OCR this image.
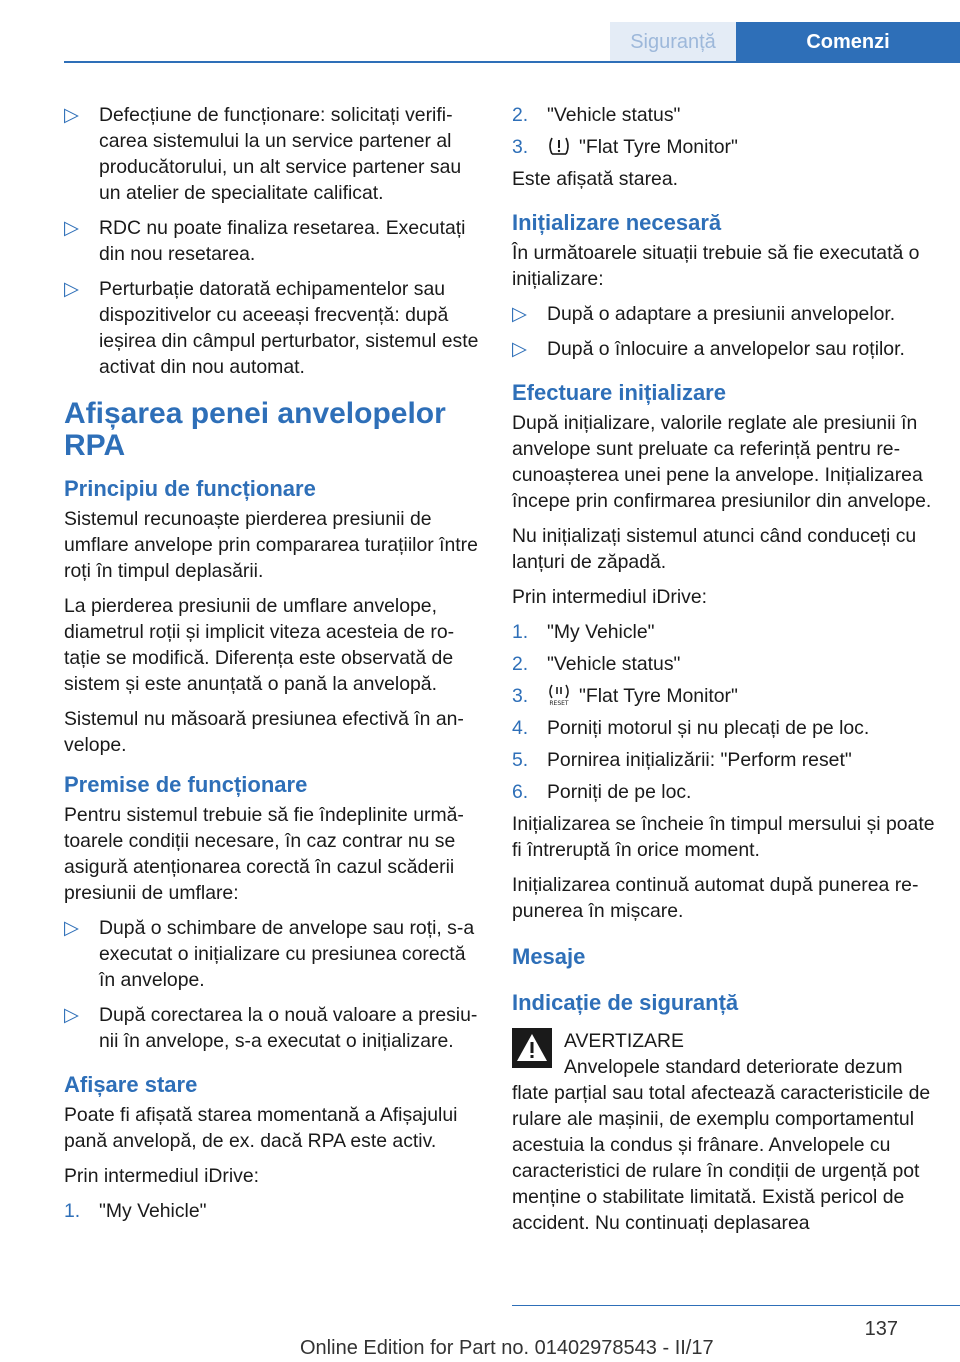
Siguranță	Comenzi
▷ Defecțiune de funcționare: solicitați verificarea sistemului la un service partener al producătorului, un alt service partener sau un atelier de specialitate calificat.
▷ RDC nu poate finaliza resetarea. Executați din nou resetarea.
▷ Perturbație datorată echipamentelor sau dispozitivelor cu aceeași frecvență: după ieșirea din câmpul perturbator, sistemul este activat din nou automat.
Afișarea penei anvelopelor RPA
Principiu de funcționare

Sistemul recunoaște pierderea presiunii de umflare anvelope prin compararea turațiilor între roți în timpul deplasării.

La pierderea presiunii de umflare anvelope, diametrul roții și implicit viteza acesteia de rotație se modifică. Diferența este observată de sistem și este anunțată o pană la anvelopă.

Sistemul nu măsoară presiunea efectivă în anvelope.

Premise de funcționare

Pentru sistemul trebuie să fie îndeplinite următoarele condiții necesare, în caz contrar nu se asigură atenționarea corectă în cazul scăderii presiunii de umflare:

▷ După o schimbare de anvelope sau roți, s-a executat o inițializare cu presiunea corectă în anvelope.
▷ După corectarea la o nouă valoare a presiunii în anvelope, s-a executat o inițializare.
Afișare stare

Poate fi afișată starea momentană a Afișajului pană anvelopă, de ex. dacă RPA este activ.

Prin intermediul iDrive:

1. "My Vehicle"
2. "Vehicle status"
3.	"Flat Tyre Monitor"

Este afișată starea.

Inițializare necesară

În următoarele situații trebuie să fie executată o inițializare:

▷ După o adaptare a presiunii anvelopelor.
▷ După o înlocuire a anvelopelor sau roților.
Efectuare inițializare

După inițializare, valorile reglate ale presiunii în anvelope sunt preluate ca referință pentru recunoașterea unei pene la anvelope. Inițializarea începe prin confirmarea presiunilor din anvelope.

Nu inițializați sistemul atunci când conduceți cu lanțuri de zăpadă.

Prin intermediul iDrive:

1. "My Vehicle"
2. "Vehicle status"
3.	RESET "Flat Tyre Monitor"
4. Porniți motorul și nu plecați de pe loc.
5. Pornirea inițializării: "Perform reset"
6. Porniți de pe loc.

Inițializarea se încheie în timpul mersului și poate fi întreruptă în orice moment.

Inițializarea continuă automat după punerea repunerea în mișcare.

Mesaje
Indicație de siguranță

AVERTIZARE

Anvelopele standard deteriorate dezum

flate parțial sau total afectează caracteristicile de rulare ale mașinii, de exemplu comportamentul acestuia la condus și frânare. Anvelopele cu caracteristici de rulare în condiții de urgență pot menține o stabilitate limitată. Există pericol de accident. Nu continuați deplasarea

137
Online Edition for Part no. 01402978543 - II/17
